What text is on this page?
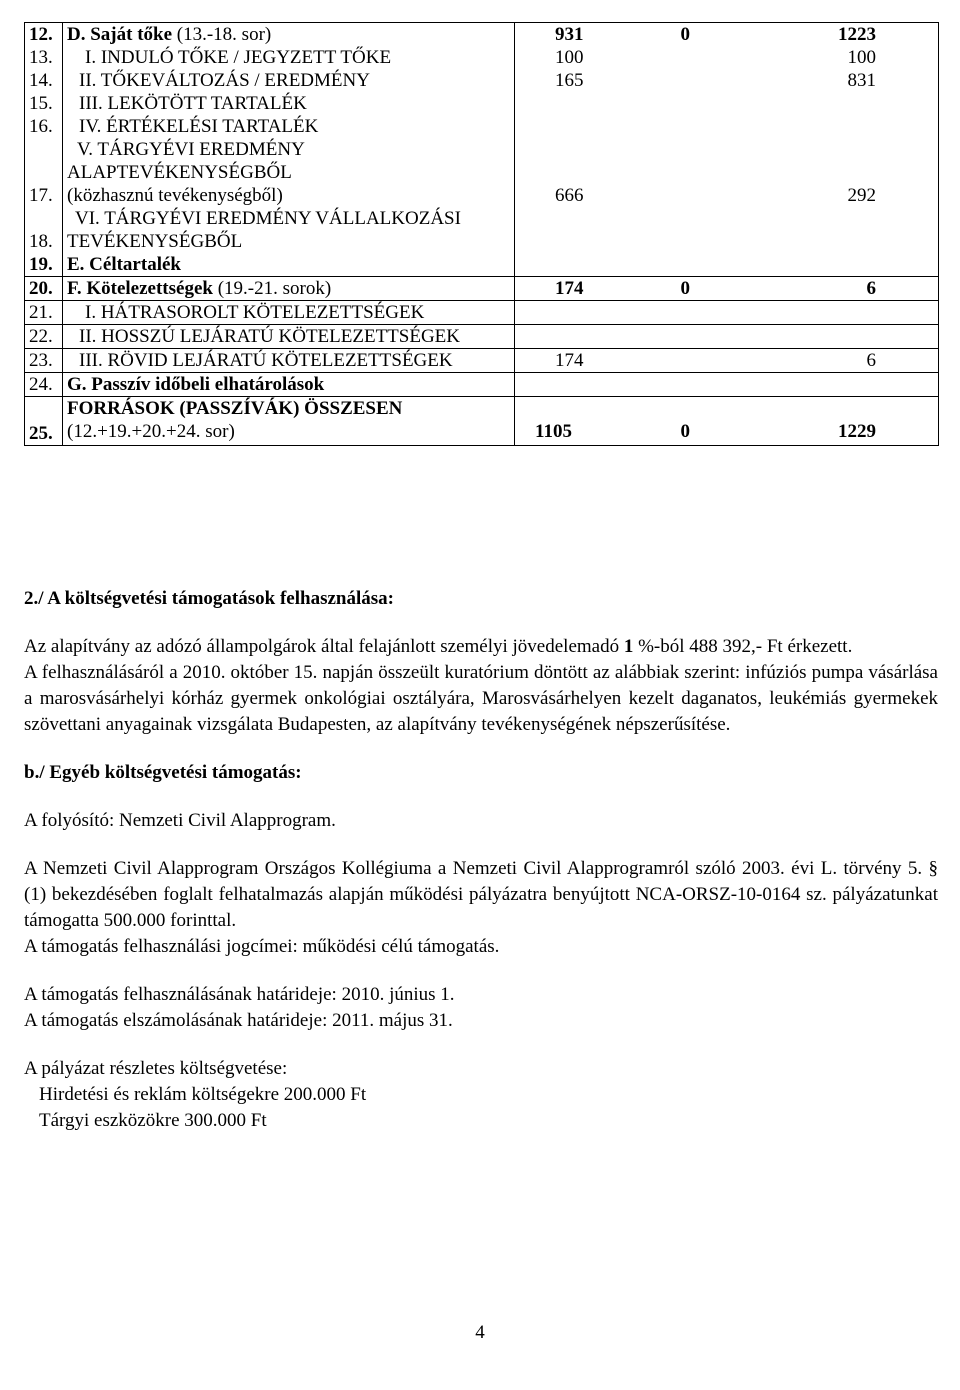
12.	D. Saját tőke (13.-18. sor)	931	0	1223
13.	I. INDULÓ TŐKE / JEGYZETT TŐKE	100		100
14.	II. TŐKEVÁLTOZÁS / EREDMÉNY	165		831
15.	III. LEKÖTÖTT TARTALÉK			
16.	IV. ÉRTÉKELÉSI TARTALÉK			
17.	V. TÁRGYÉVI EREDMÉNY
ALAPTEVÉKENYSÉGBŐL
(közhasznú tevékenységből)	666		292
18.	VI. TÁRGYÉVI EREDMÉNY VÁLLALKOZÁSI
TEVÉKENYSÉGBŐL			

19.	E. Céltartalék			
20.	F. Kötelezettségek (19.-21. sorok)	174	0	6
21.	I. HÁTRASOROLT KÖTELEZETTSÉGEK			
22.	II. HOSSZÚ LEJÁRATÚ KÖTELEZETTSÉGEK			
23.	III. RÖVID LEJÁRATÚ KÖTELEZETTSÉGEK	174		6
24.	G. Passzív időbeli elhatárolások			
25.	FORRÁSOK (PASSZÍVÁK) ÖSSZESEN
(12.+19.+20.+24. sor)	1105	0	1229

2./ A költségvetési támogatások felhasználása:

Az alapítvány az adózó állampolgárok által felajánlott személyi jövedelemadó 1 %-ból 488 392,- Ft érkezett.

A felhasználásáról a 2010. október 15. napján összeült kuratórium döntött az alábbiak szerint: infúziós pumpa vásárlása a marosvásárhelyi kórház gyermek onkológiai osztályára, Marosvásárhelyen kezelt daganatos, leukémiás gyermekek szövettani anyagainak vizsgálata Budapesten, az alapítvány tevékenységének népszerűsítése.

b./ Egyéb költségvetési támogatás:

A folyósító: Nemzeti Civil Alapprogram.

A Nemzeti Civil Alapprogram Országos Kollégiuma a Nemzeti Civil Alapprogramról szóló 2003. évi L. törvény 5. § (1) bekezdésében foglalt felhatalmazás alapján működési pályázatra benyújtott NCA-ORSZ-10-0164 sz. pályázatunkat támogatta 500.000 forinttal.

A támogatás felhasználási jogcímei: működési célú támogatás.

A támogatás felhasználásának határideje: 2010. június 1.

A támogatás elszámolásának határideje: 2011. május 31.

A pályázat részletes költségvetése:

Hirdetési és reklám költségekre 200.000 Ft

Tárgyi eszközökre 300.000 Ft

4
